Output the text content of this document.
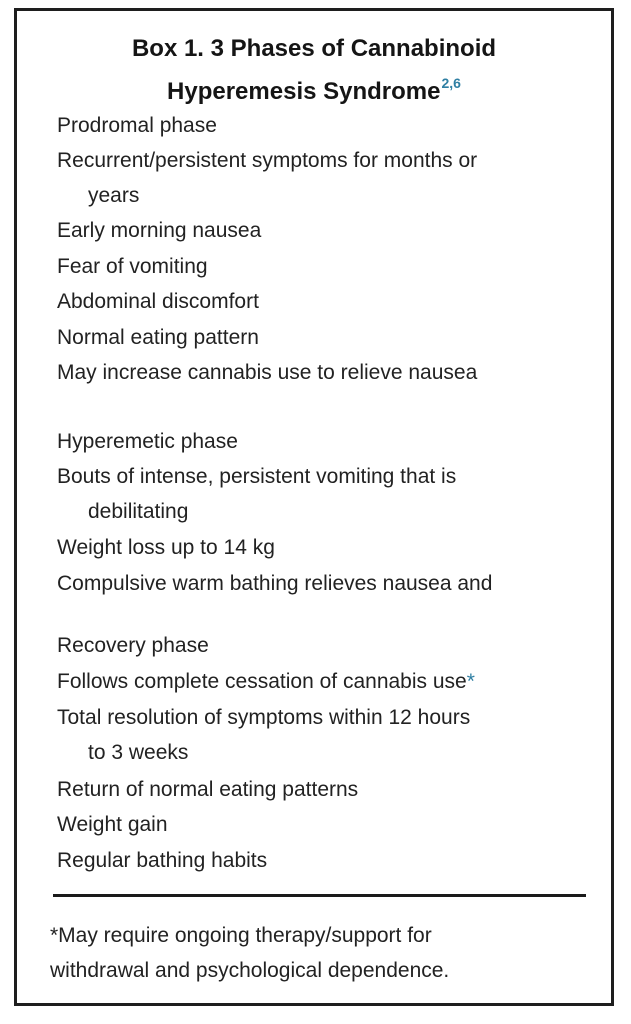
Box 1. 3 Phases of Cannabinoid
Hyperemesis Syndrome$^{2,6}$
Prodromal phase
Recurrent/persistent symptoms for months or
years
Early morning nausea
Fear of vomiting
Abdominal discomfort
Normal eating pattern
May increase cannabis use to relieve nausea
Hyperemetic phase
Bouts of intense, persistent vomiting that is
debilitating
Weight loss up to 14 kg
Compulsive warm bathing relieves nausea and
Recovery phase
Follows complete cessation of cannabis use*
Total resolution of symptoms within 12 hours
to 3 weeks
Return of normal eating patterns
Weight gain
Regular bathing habits
*May require ongoing therapy/support for
withdrawal and psychological dependence.
